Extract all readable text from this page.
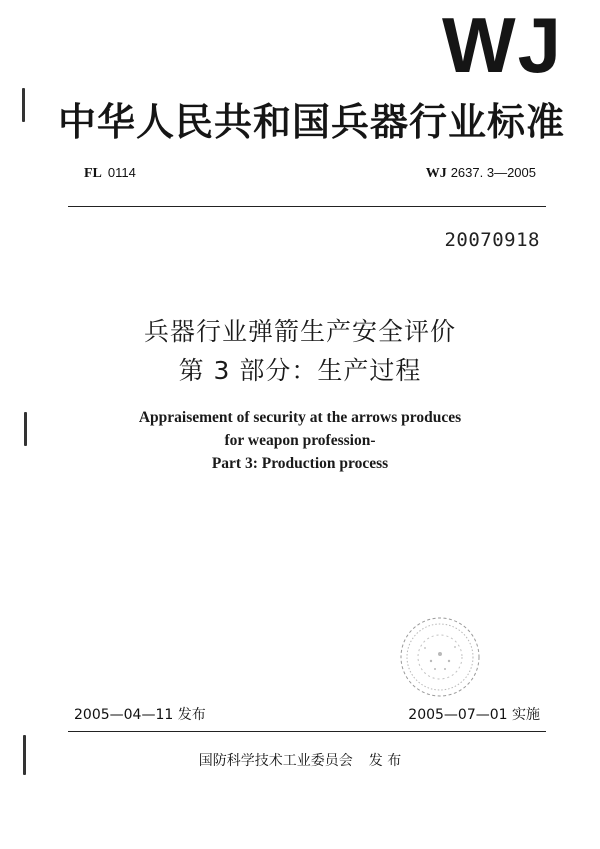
WJ
中华人民共和国兵器行业标准
FL 0114	WJ 2637. 3—2005
20070918
兵器行业弹箭生产安全评价
第 3 部分：生产过程
Appraisement of security at the arrows produces
for weapon profession-
Part 3: Production process
2005—04—11 发布	2005—07—01 实施
国防科学技术工业委员会 发 布
